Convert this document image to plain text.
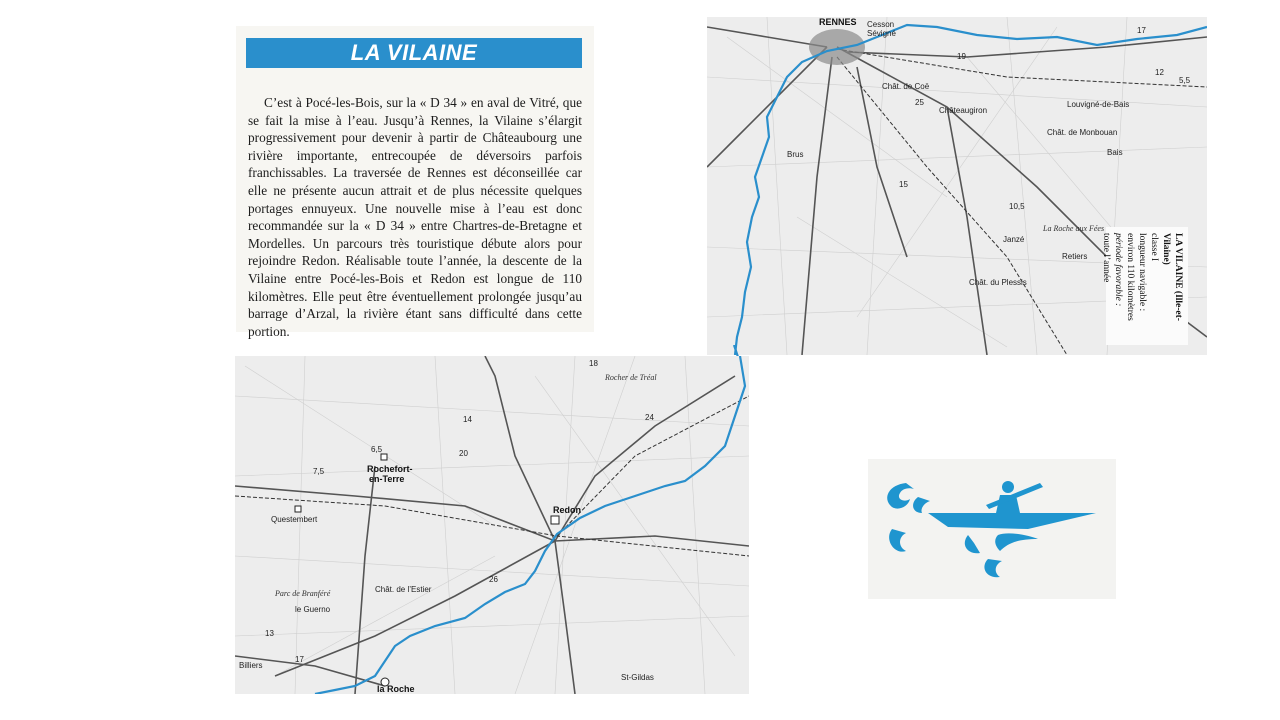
LA VILAINE
C’est à Pocé-les-Bois, sur la « D 34 » en aval de Vitré, que se fait la mise à l’eau. Jusqu’à Rennes, la Vilaine s’élargit progressivement pour devenir à partir de Châteaubourg une rivière importante, entrecoupée de déversoirs parfois franchissables. La traversée de Rennes est déconseillée car elle ne présente aucun attrait et de plus nécessite quelques portages ennuyeux. Une nouvelle mise à l’eau est donc recommandée sur la « D 34 » entre Chartres-de-Bretagne et Mordelles. Un parcours très touristique débute alors pour rejoindre Redon. Réalisable toute l’année, la descente de la Vilaine entre Pocé-les-Bois et Redon est longue de 110 kilomètres. Elle peut être éventuellement prolongée jusqu’au barrage d’Arzal, la rivière étant sans difficulté dans cette portion.
RENNES Cesson
Sévigné
Chât. de Coë
Châteaugiron
Brus
Janzé
La Roche aux Fées
Retiers
Chât. de Monbouan
Louvigné-de-Bais
Bais
Chât. du Plessis
17
19
25
15
10,5
12
5,5
LA VILAINE (Ille-et-Vilaine)
classe I
longueur navigable :
environ 110 kilomètres
période favorable :
toute l’année
Rochefort-
en-Terre
Questembert
Redon
Parc de Branféré
le Guerno
Chât. de l’Estier
Billiers
la Roche
Rocher de Tréal
St-Gildas
18
14
20
26
13
17
6,5
7,5
24
